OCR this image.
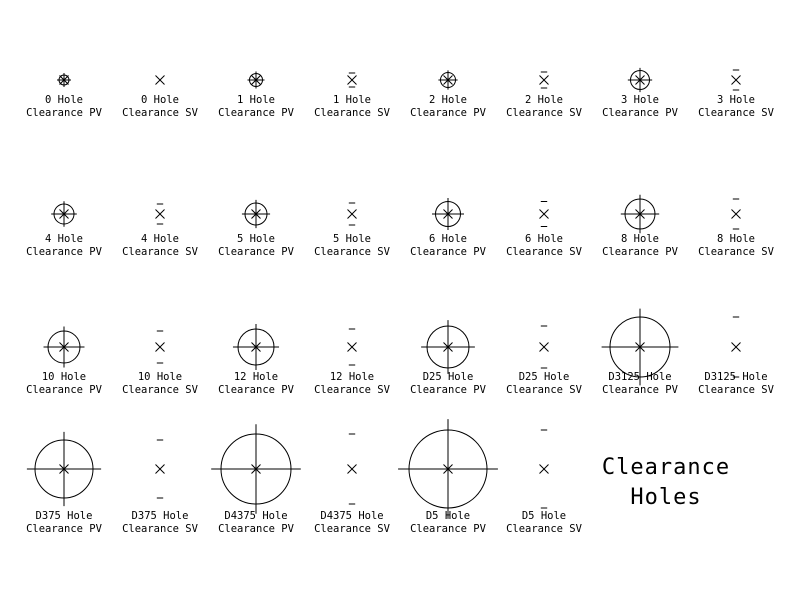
0 Hole
Clearance PV
0 Hole
Clearance SV
1 Hole
Clearance PV
1 Hole
Clearance SV
2 Hole
Clearance PV
2 Hole
Clearance SV
3 Hole
Clearance PV
3 Hole
Clearance SV
4 Hole
Clearance PV
4 Hole
Clearance SV
5 Hole
Clearance PV
5 Hole
Clearance SV
6 Hole
Clearance PV
6 Hole
Clearance SV
8 Hole
Clearance PV
8 Hole
Clearance SV
10 Hole
Clearance PV
10 Hole
Clearance SV
12 Hole
Clearance PV
12 Hole
Clearance SV
D25 Hole
Clearance PV
D25 Hole
Clearance SV
D3125 Hole
Clearance PV
D3125 Hole
Clearance SV
D375 Hole
Clearance PV
D375 Hole
Clearance SV
D4375 Hole
Clearance PV
D4375 Hole
Clearance SV
D5 Hole
Clearance PV
D5 Hole
Clearance SV
Clearance
Holes
